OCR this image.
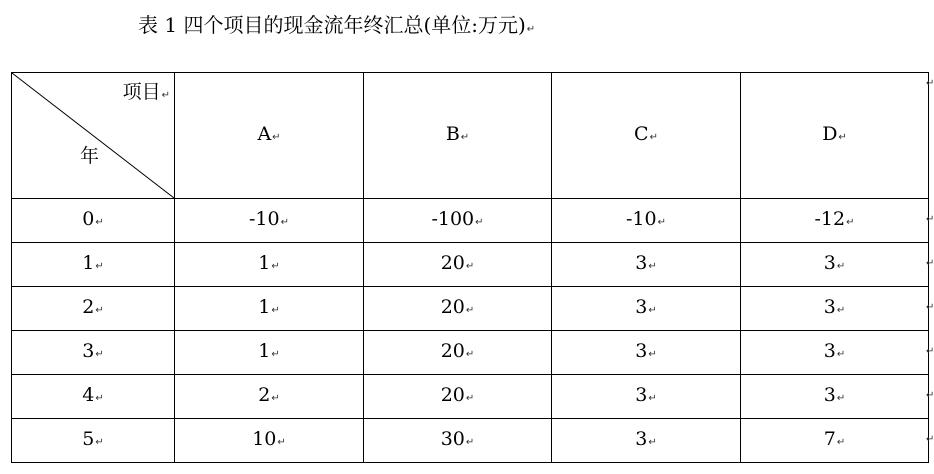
表 1 四个项目的现金流年终汇总(单位:万元)↵
项目↵
年	A↵	B↵	C↵	D↵
0↵	-10↵	-100↵	-10↵	-12↵
1↵	1↵	20↵	3↵	3↵
2↵	1↵	20↵	3↵	3↵
3↵	1↵	20↵	3↵	3↵
4↵	2↵	20↵	3↵	3↵
5↵	10↵	30↵	3↵	7↵
↵
↵
↵
↵
↵
↵
↵
